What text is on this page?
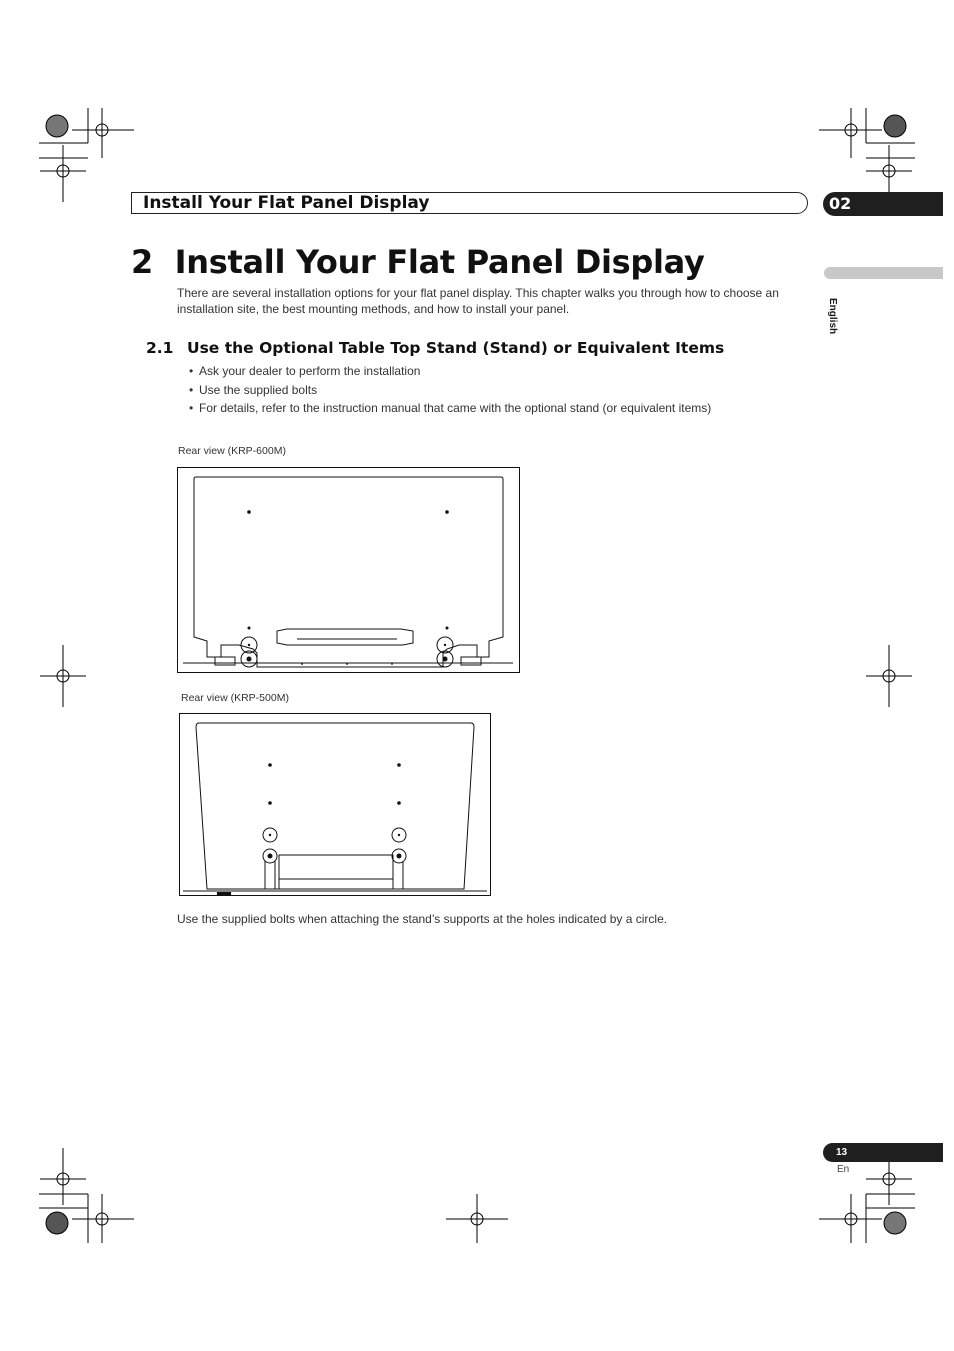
Install Your Flat Panel Display	02
English
2  Install Your Flat Panel Display
There are several installation options for your flat panel display. This chapter walks you through how to choose an installation site, the best mounting methods, and how to install your panel.
2.1 Use the Optional Table Top Stand (Stand) or Equivalent Items
• Ask your dealer to perform the installation
• Use the supplied bolts
• For details, refer to the instruction manual that came with the optional stand (or equivalent items)
Rear view (KRP-600M)
Rear view (KRP-500M)
Use the supplied bolts when attaching the stand’s supports at the holes indicated by a circle.
13
En
